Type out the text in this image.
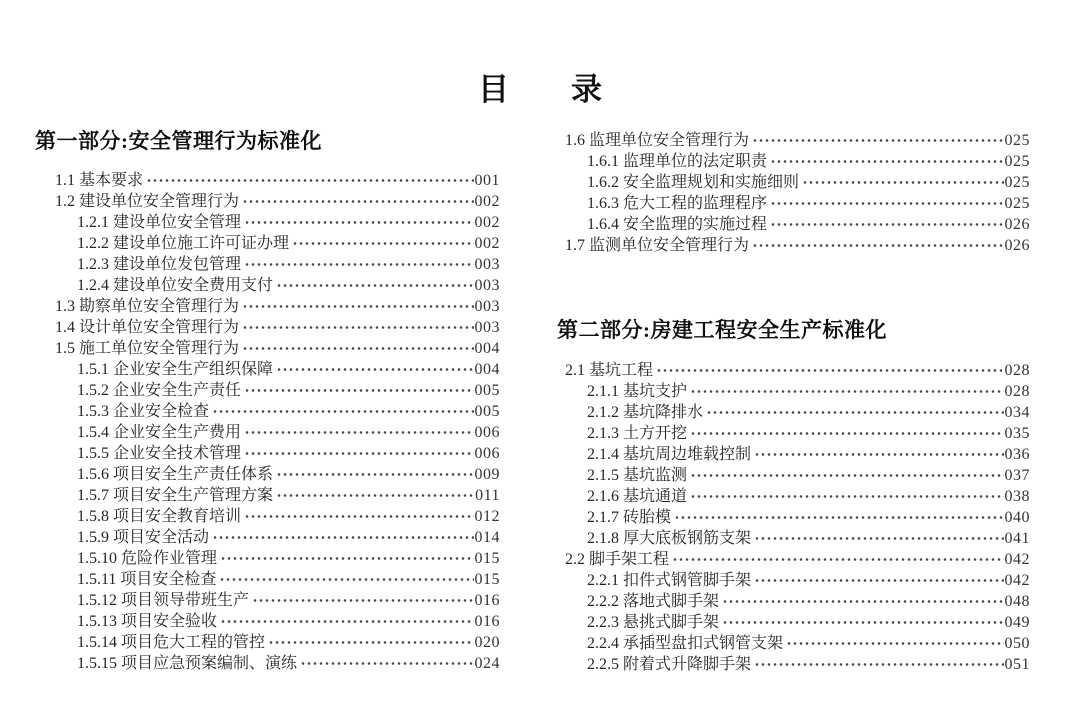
目　　录
第一部分:安全管理行为标准化
1.1 基本要求	001
1.2 建设单位安全管理行为	002
1.2.1 建设单位安全管理	002
1.2.2 建设单位施工许可证办理	002
1.2.3 建设单位发包管理	003
1.2.4 建设单位安全费用支付	003
1.3 勘察单位安全管理行为	003
1.4 设计单位安全管理行为	003
1.5 施工单位安全管理行为	004
1.5.1 企业安全生产组织保障	004
1.5.2 企业安全生产责任	005
1.5.3 企业安全检查	005
1.5.4 企业安全生产费用	006
1.5.5 企业安全技术管理	006
1.5.6 项目安全生产责任体系	009
1.5.7 项目安全生产管理方案	011
1.5.8 项目安全教育培训	012
1.5.9 项目安全活动	014
1.5.10 危险作业管理	015
1.5.11 项目安全检查	015
1.5.12 项目领导带班生产	016
1.5.13 项目安全验收	016
1.5.14 项目危大工程的管控	020
1.5.15 项目应急预案编制、演练	024
1.6 监理单位安全管理行为	025
1.6.1 监理单位的法定职责	025
1.6.2 安全监理规划和实施细则	025
1.6.3 危大工程的监理程序	025
1.6.4 安全监理的实施过程	026
1.7 监测单位安全管理行为	026
第二部分:房建工程安全生产标准化
2.1 基坑工程	028
2.1.1 基坑支护	028
2.1.2 基坑降排水	034
2.1.3 土方开挖	035
2.1.4 基坑周边堆载控制	036
2.1.5 基坑监测	037
2.1.6 基坑通道	038
2.1.7 砖胎模	040
2.1.8 厚大底板钢筋支架	041
2.2 脚手架工程	042
2.2.1 扣件式钢管脚手架	042
2.2.2 落地式脚手架	048
2.2.3 悬挑式脚手架	049
2.2.4 承插型盘扣式钢管支架	050
2.2.5 附着式升降脚手架	051
